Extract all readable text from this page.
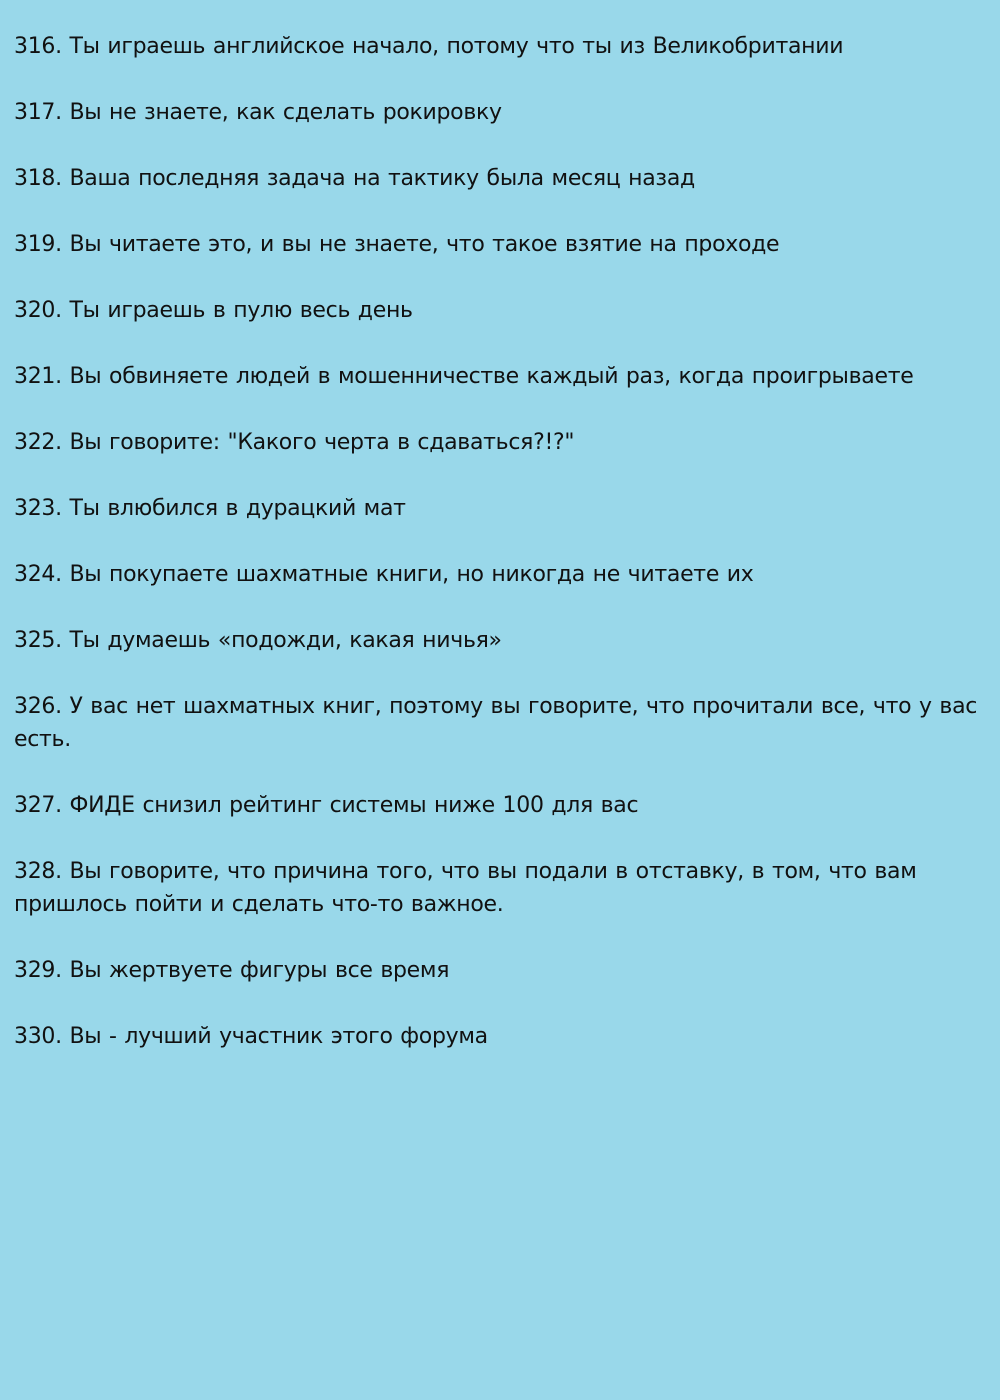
316. Ты играешь английское начало, потому что ты из Великобритании
317. Вы не знаете, как сделать рокировку
318. Ваша последняя задача на тактику была месяц назад
319. Вы читаете это, и вы не знаете, что такое взятие на проходе
320. Ты играешь в пулю весь день
321. Вы обвиняете людей в мошенничестве каждый раз, когда проигрываете
322. Вы говорите: "Какого черта в сдаваться?!?"
323. Ты влюбился в дурацкий мат
324. Вы покупаете шахматные книги, но никогда не читаете их
325. Ты думаешь «подожди, какая ничья»
326. У вас нет шахматных книг, поэтому вы говорите, что прочитали все, что у вас есть.
327. ФИДЕ снизил рейтинг системы ниже 100 для вас
328. Вы говорите, что причина того, что вы подали в отставку, в том, что вам пришлось пойти и сделать что-то важное.
329. Вы жертвуете фигуры все время
330. Вы - лучший участник этого форума
